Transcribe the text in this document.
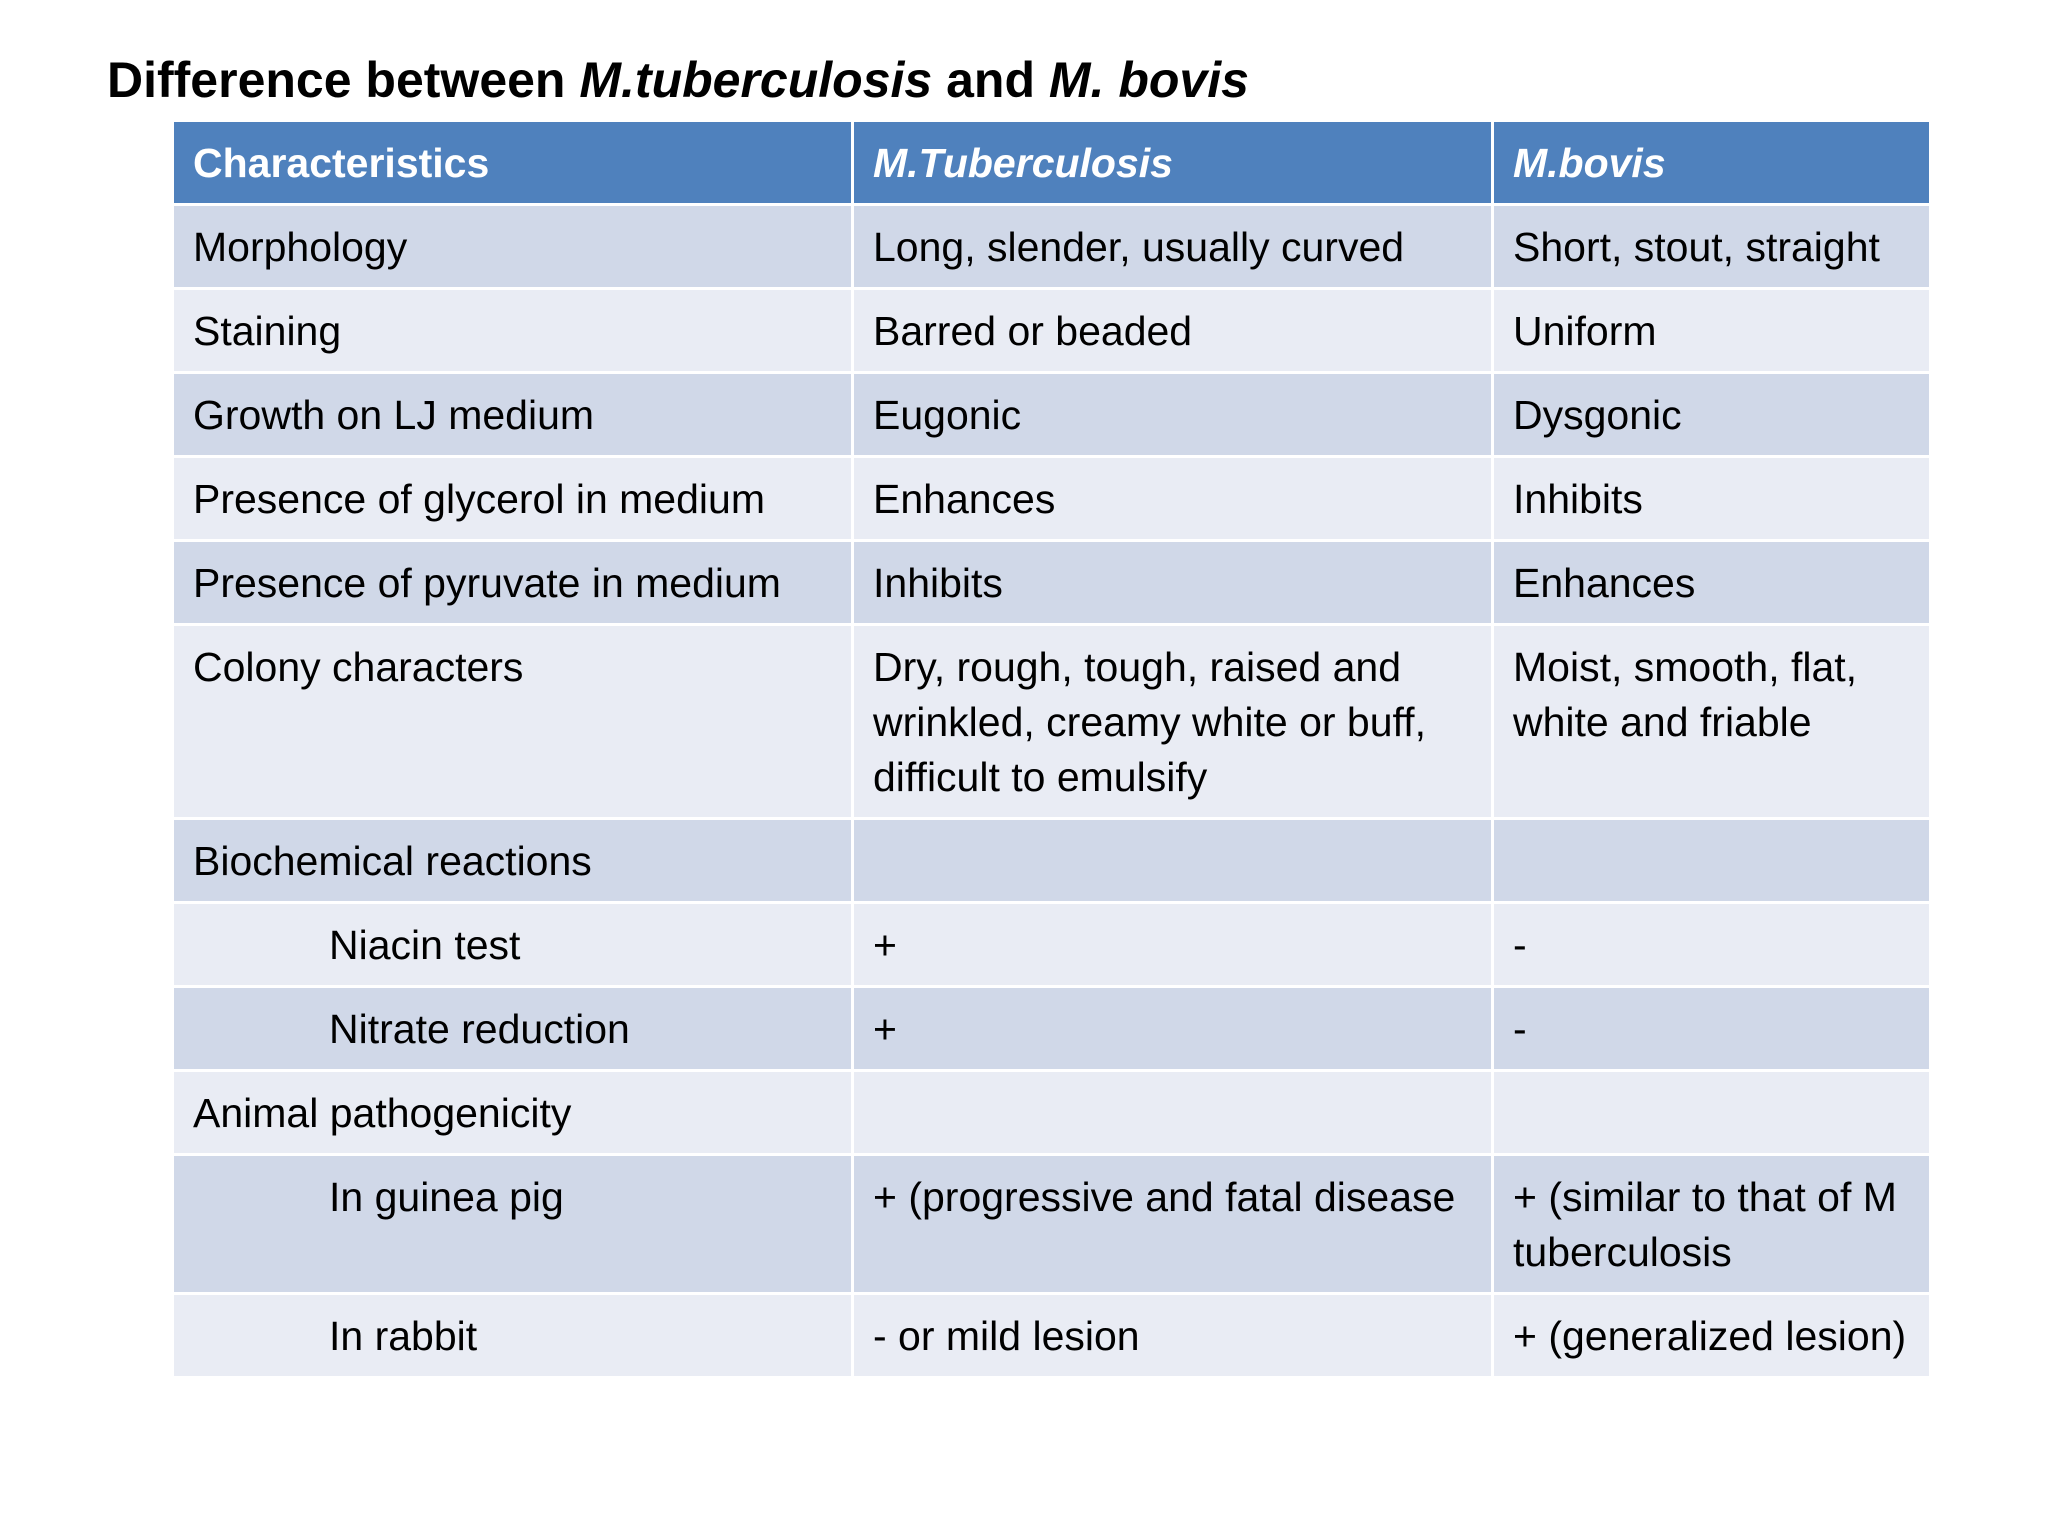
Difference between M.tuberculosis and M. bovis
Characteristics	M.Tuberculosis	M.bovis
Morphology	Long, slender, usually curved	Short, stout, straight
Staining	Barred or beaded	Uniform
Growth on LJ medium	Eugonic	Dysgonic
Presence of glycerol in medium	Enhances	Inhibits
Presence of pyruvate in medium	Inhibits	Enhances
Colony characters	Dry, rough, tough, raised and wrinkled, creamy white or buff, difficult to emulsify	Moist, smooth, flat, white and friable
Biochemical reactions		
Niacin test	+	-
Nitrate reduction	+	-
Animal pathogenicity		
In guinea pig	+ (progressive and fatal disease	+ (similar to that of M tuberculosis
In rabbit	- or mild lesion	+ (generalized lesion)
